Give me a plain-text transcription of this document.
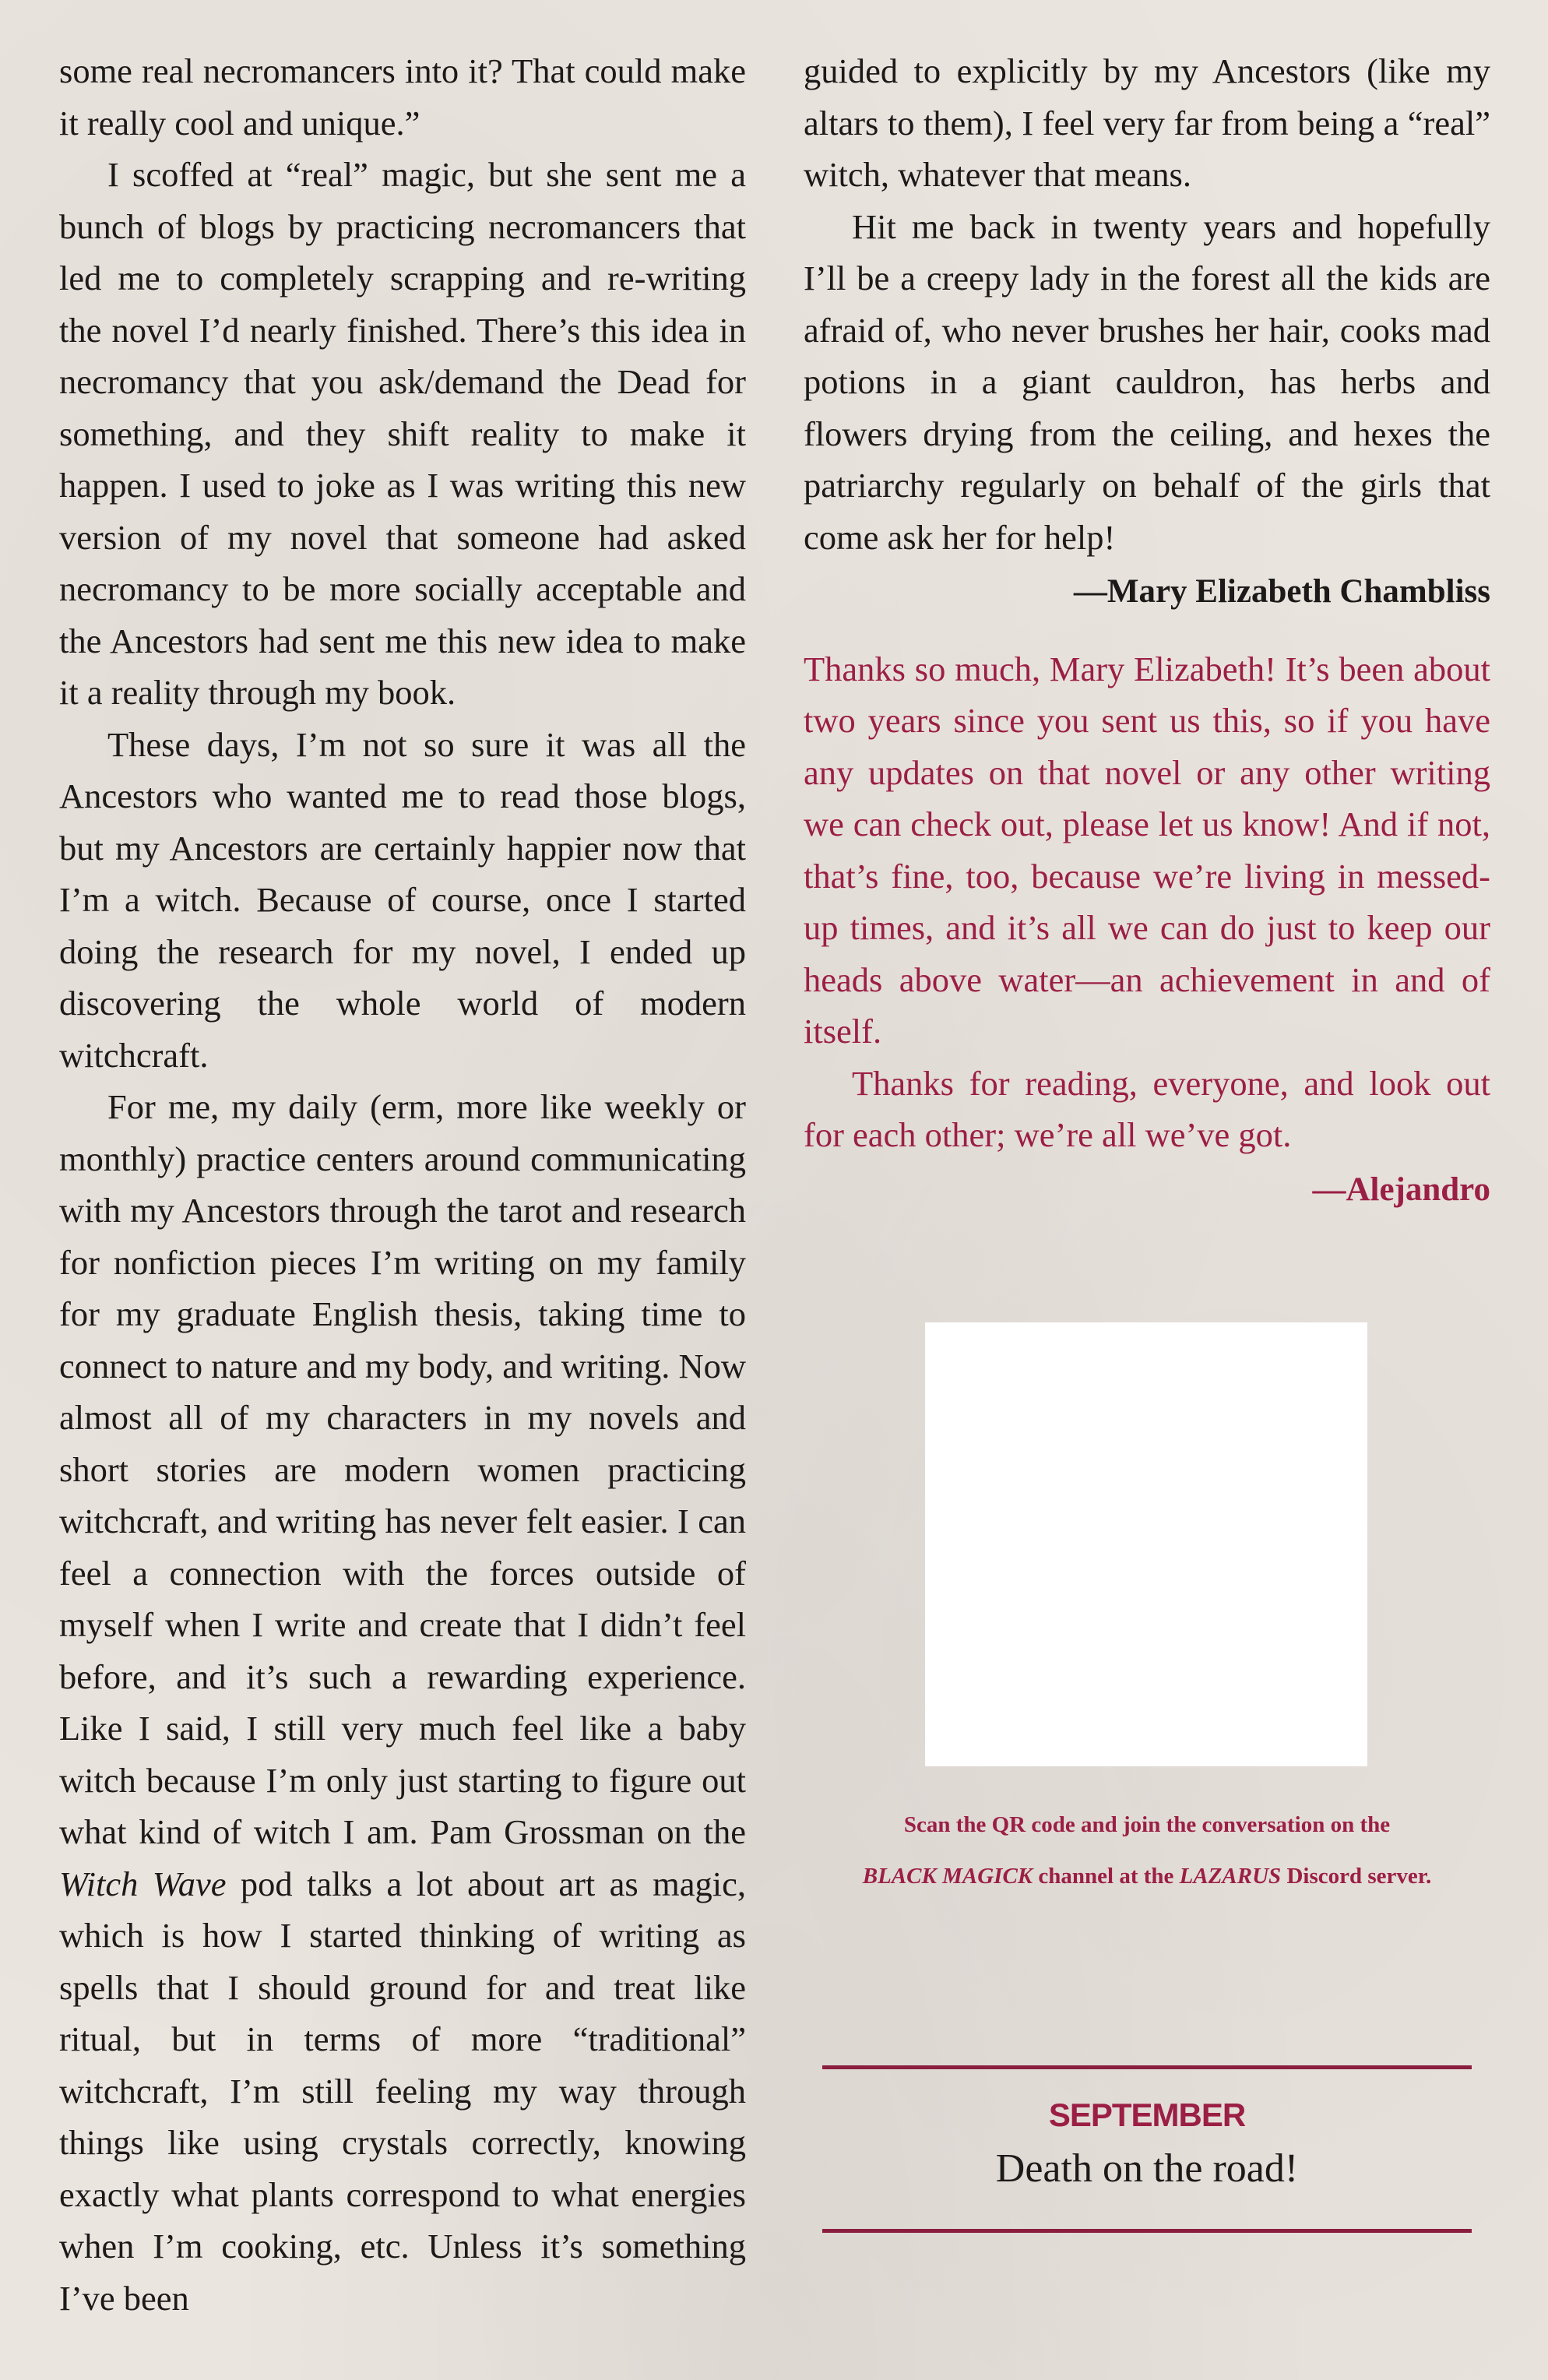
some real necromancers into it? That could make it really cool and unique.”

I scoffed at “real” magic, but she sent me a bunch of blogs by practicing necromancers that led me to completely scrapping and re-writing the novel I’d nearly finished. There’s this idea in necromancy that you ask/demand the Dead for something, and they shift reality to make it happen. I used to joke as I was writing this new version of my novel that someone had asked necromancy to be more socially acceptable and the Ancestors had sent me this new idea to make it a reality through my book.

These days, I’m not so sure it was all the Ancestors who wanted me to read those blogs, but my Ancestors are certainly happier now that I’m a witch. Because of course, once I started doing the research for my novel, I ended up discovering the whole world of modern witchcraft.

For me, my daily (erm, more like weekly or monthly) practice centers around communicating with my Ancestors through the tarot and research for nonfiction pieces I’m writing on my family for my graduate English thesis, taking time to connect to nature and my body, and writing. Now almost all of my characters in my novels and short stories are modern women practicing witchcraft, and writing has never felt easier. I can feel a connection with the forces outside of myself when I write and create that I didn’t feel before, and it’s such a rewarding experience. Like I said, I still very much feel like a baby witch because I’m only just starting to figure out what kind of witch I am. Pam Grossman on the Witch Wave pod talks a lot about art as magic, which is how I started thinking of writing as spells that I should ground for and treat like ritual, but in terms of more “traditional” witchcraft, I’m still feeling my way through things like using crystals correctly, knowing exactly what plants correspond to what energies when I’m cooking, etc. Unless it’s something I’ve been

guided to explicitly by my Ancestors (like my altars to them), I feel very far from being a “real” witch, whatever that means.

Hit me back in twenty years and hopefully I’ll be a creepy lady in the forest all the kids are afraid of, who never brushes her hair, cooks mad potions in a giant cauldron, has herbs and flowers drying from the ceiling, and hexes the patriarchy regularly on behalf of the girls that come ask her for help!

—Mary Elizabeth Chambliss

Thanks so much, Mary Elizabeth! It’s been about two years since you sent us this, so if you have any updates on that novel or any other writing we can check out, please let us know! And if not, that’s fine, too, because we’re living in messed-up times, and it’s all we can do just to keep our heads above water—an achievement in and of itself.

Thanks for reading, everyone, and look out for each other; we’re all we’ve got.

—Alejandro

Scan the QR code and join the conversation on the
BLACK MAGICK channel at the LAZARUS Discord server.
SEPTEMBER
Death on the road!
